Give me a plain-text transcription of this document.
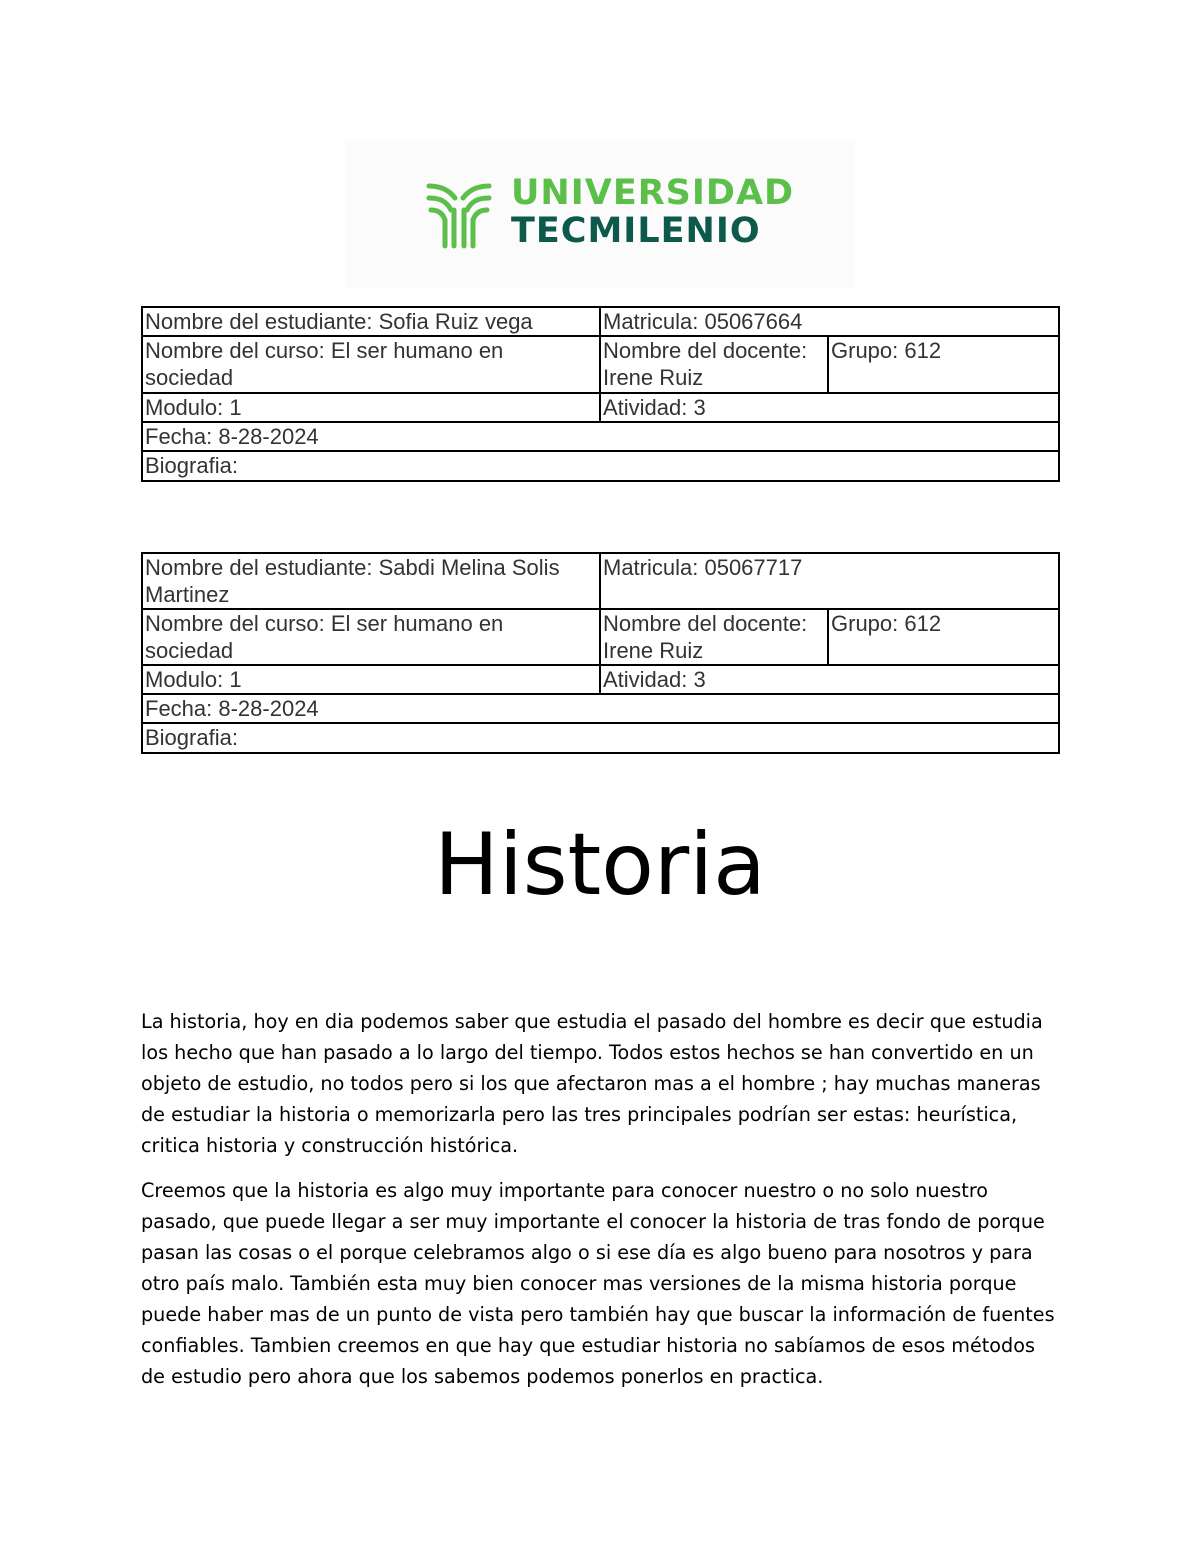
UNIVERSIDAD
TECMILENIO
Nombre del estudiante: Sofia Ruiz vega	Matricula: 05067664	
Nombre del curso: El ser humano en sociedad	Nombre del docente: Irene Ruiz	Grupo: 612
Modulo: 1	Atividad: 3	
Fecha: 8-28-2024		
Biografia:		
Nombre del estudiante: Sabdi Melina Solis Martinez	Matricula: 05067717	
Nombre del curso: El ser humano en sociedad	Nombre del docente: Irene Ruiz	Grupo: 612
Modulo: 1	Atividad: 3	
Fecha: 8-28-2024		
Biografia:		
Historia

La historia, hoy en dia podemos saber que estudia el pasado del hombre es decir que estudia los hecho que han pasado a lo largo del tiempo. Todos estos hechos se han convertido en un objeto de estudio, no todos pero si los que afectaron mas a el hombre ; hay muchas maneras de estudiar la historia o memorizarla pero las tres principales podrían ser estas: heurística, critica historia y construcción histórica.

Creemos que la historia es algo muy importante para conocer nuestro o no solo nuestro pasado, que puede llegar a ser muy importante el conocer la historia de tras fondo de porque pasan las cosas o el porque celebramos algo o si ese día es algo bueno para nosotros y para otro país malo. También esta muy bien conocer mas versiones de la misma historia porque puede haber mas de un punto de vista pero también hay que buscar la información de fuentes confiables. Tambien creemos en que hay que estudiar historia no sabíamos de esos métodos de estudio pero ahora que los sabemos podemos ponerlos en practica.
